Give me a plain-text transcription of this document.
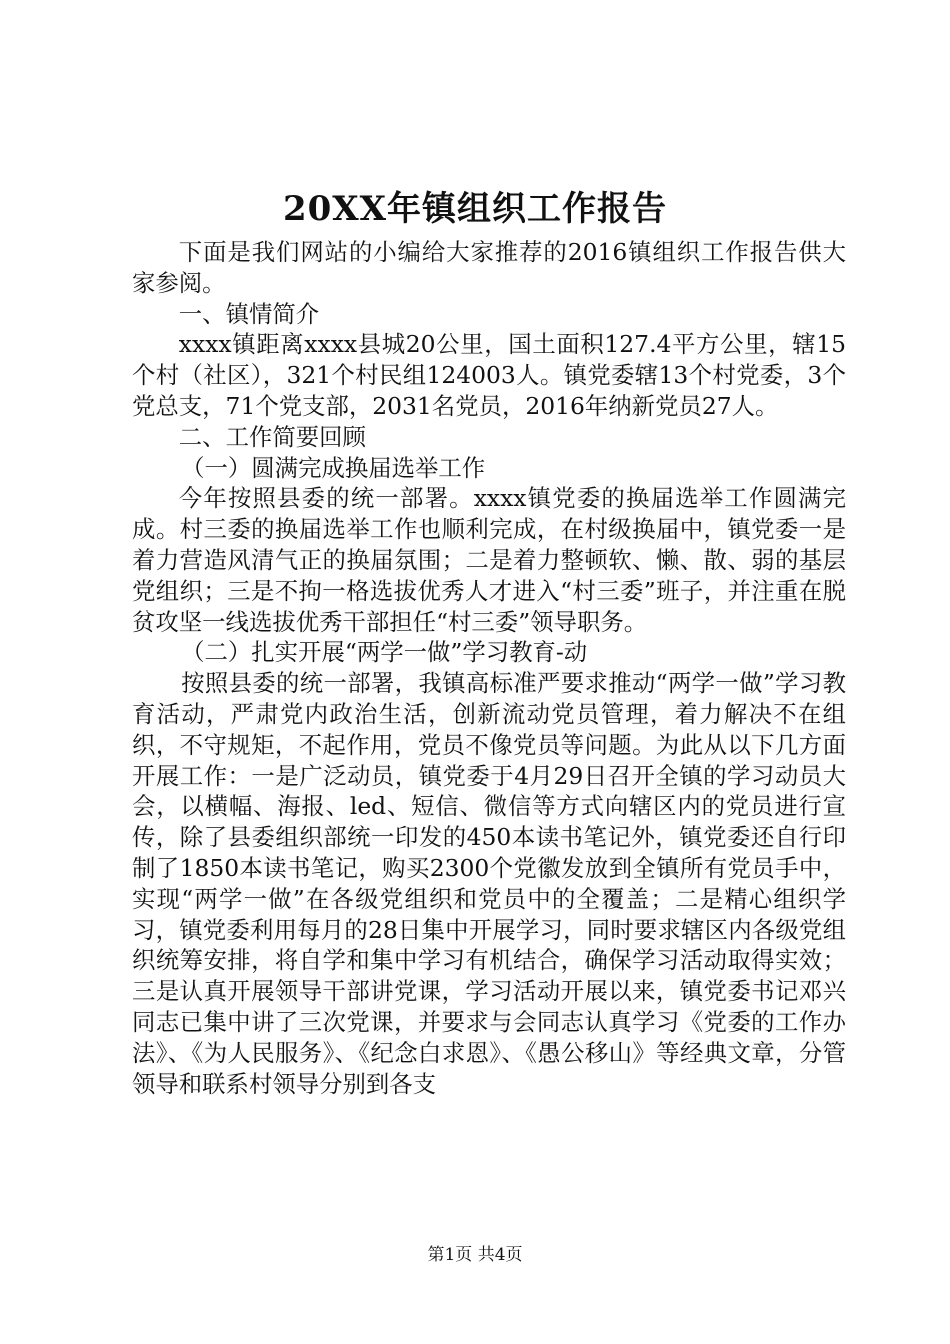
20XX年镇组织工作报告

下面是我们网站的小编给大家推荐的2016镇组织工作报告供大家参阅。

一、镇情简介

xxxx镇距离xxxx县城20公里，国土面积127.4平方公里，辖15个村（社区），321个村民组124003人。镇党委辖13个村党委，3个党总支，71个党支部，2031名党员，2016年纳新党员27人。

二、工作简要回顾

（一）圆满完成换届选举工作

今年按照县委的统一部署。xxxx镇党委的换届选举工作圆满完成。村三委的换届选举工作也顺利完成，在村级换届中，镇党委一是着力营造风清气正的换届氛围；二是着力整顿软、懒、散、弱的基层党组织；三是不拘一格选拔优秀人才进入“村三委”班子，并注重在脱贫攻坚一线选拔优秀干部担任“村三委”领导职务。

（二）扎实开展“两学一做”学习教育-动

按照县委的统一部署，我镇高标准严要求推动“两学一做”学习教育活动，严肃党内政治生活，创新流动党员管理，着力解决不在组织，不守规矩，不起作用，党员不像党员等问题。为此从以下几方面开展工作：一是广泛动员，镇党委于4月29日召开全镇的学习动员大会，以横幅、海报、led、短信、微信等方式向辖区内的党员进行宣传，除了县委组织部统一印发的450本读书笔记外，镇党委还自行印制了1850本读书笔记，购买2300个党徽发放到全镇所有党员手中，实现“两学一做”在各级党组织和党员中的全覆盖；二是精心组织学习，镇党委利用每月的28日集中开展学习，同时要求辖区内各级党组织统筹安排，将自学和集中学习有机结合，确保学习活动取得实效；三是认真开展领导干部讲党课，学习活动开展以来，镇党委书记邓兴同志已集中讲了三次党课，并要求与会同志认真学习《党委的工作办法》、《为人民服务》、《纪念白求恩》、《愚公移山》等经典文章，分管领导和联系村领导分别到各支

第1页 共4页
